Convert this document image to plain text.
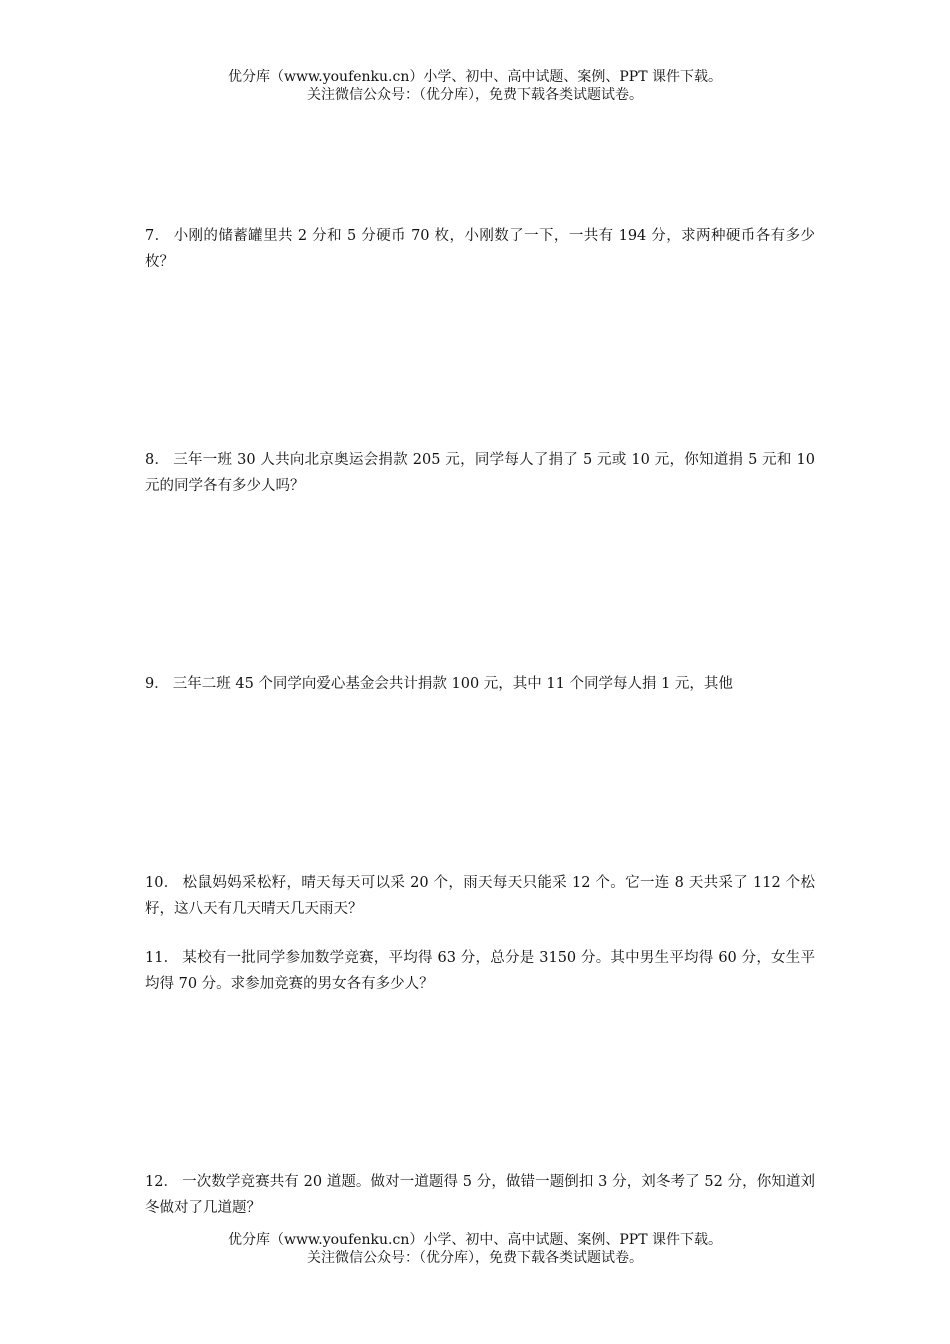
优分库（www.youfenku.cn）小学、初中、高中试题、案例、PPT 课件下载。
关注微信公众号：（优分库），免费下载各类试题试卷。
7． 小刚的储蓄罐里共 2 分和 5 分硬币 70 枚，小刚数了一下，一共有 194 分，求两种硬币各有多少枚？
8． 三年一班 30 人共向北京奥运会捐款 205 元，同学每人了捐了 5 元或 10 元，你知道捐 5 元和 10 元的同学各有多少人吗？
9． 三年二班 45 个同学向爱心基金会共计捐款 100 元，其中 11 个同学每人捐 1 元，其他
10． 松鼠妈妈采松籽，晴天每天可以采 20 个，雨天每天只能采 12 个。它一连 8 天共采了 112 个松籽，这八天有几天晴天几天雨天？
11． 某校有一批同学参加数学竞赛，平均得 63 分，总分是 3150 分。其中男生平均得 60 分，女生平均得 70 分。求参加竞赛的男女各有多少人？
12． 一次数学竞赛共有 20 道题。做对一道题得 5 分，做错一题倒扣 3 分，刘冬考了 52 分，你知道刘冬做对了几道题？
优分库（www.youfenku.cn）小学、初中、高中试题、案例、PPT 课件下载。
关注微信公众号：（优分库），免费下载各类试题试卷。
